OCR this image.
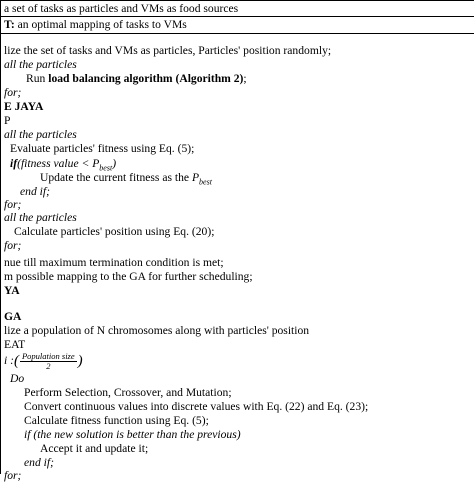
a set of tasks as particles and VMs as food sources
T: an optimal mapping of tasks to VMs
lize the set of tasks and VMs as particles, Particles' position randomly;
all the particles
Run load balancing algorithm (Algorithm 2);
for;
E JAYA
P
all the particles
Evaluate particles' fitness using Eq. (5);
if(fitness value < $P_{best}$)
Update the current fitness as the $P_{best}$
end if;
for;
all the particles
Calculate particles' position using Eq. (20);
for;
nue till maximum termination condition is met;
m possible mapping to the GA for further scheduling;
YA
GA
lize a population of N chromosomes along with particles' position
EAT
i :( $\frac{\text{Population size}}{2}$ )
Do
Perform Selection, Crossover, and Mutation;
Convert continuous values into discrete values with Eq. (22) and Eq. (23);
Calculate fitness function using Eq. (5);
if (the new solution is better than the previous)
Accept it and update it;
end if;
for;
